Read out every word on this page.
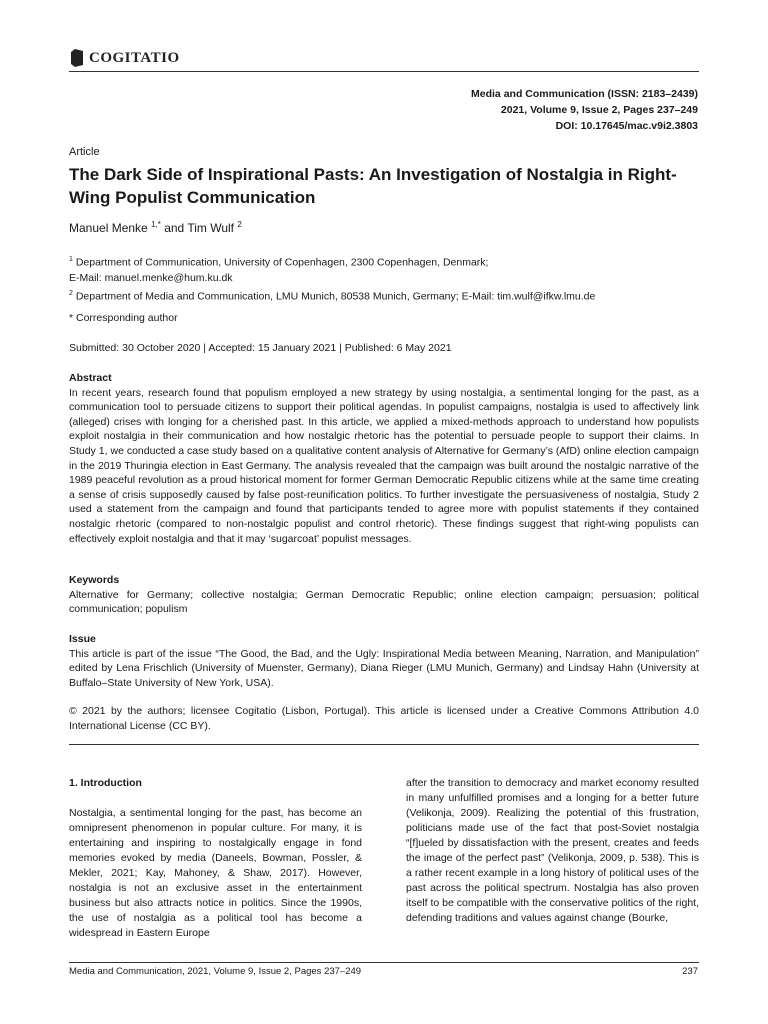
COGITATIO
Media and Communication (ISSN: 2183–2439)
2021, Volume 9, Issue 2, Pages 237–249
DOI: 10.17645/mac.v9i2.3803
Article
The Dark Side of Inspirational Pasts: An Investigation of Nostalgia in Right-Wing Populist Communication
Manuel Menke $^{1,*}$ and Tim Wulf $^2$
$^1$ Department of Communication, University of Copenhagen, 2300 Copenhagen, Denmark;
E-Mail: manuel.menke@hum.ku.dk
$^2$ Department of Media and Communication, LMU Munich, 80538 Munich, Germany; E-Mail: tim.wulf@ifkw.lmu.de
* Corresponding author
Submitted: 30 October 2020 | Accepted: 15 January 2021 | Published: 6 May 2021
Abstract
In recent years, research found that populism employed a new strategy by using nostalgia, a sentimental longing for the past, as a communication tool to persuade citizens to support their political agendas. In populist campaigns, nostalgia is used to affectively link (alleged) crises with longing for a cherished past. In this article, we applied a mixed-methods approach to understand how populists exploit nostalgia in their communication and how nostalgic rhetoric has the potential to persuade people to support their claims. In Study 1, we conducted a case study based on a qualitative content analysis of Alternative for Germany’s (AfD) online election campaign in the 2019 Thuringia election in East Germany. The analysis revealed that the campaign was built around the nostalgic narrative of the 1989 peaceful revolution as a proud historical moment for former German Democratic Republic citizens while at the same time creating a sense of crisis supposedly caused by false post-reunification politics. To further investigate the persuasiveness of nostalgia, Study 2 used a statement from the campaign and found that participants tended to agree more with populist statements if they contained nostalgic rhetoric (compared to non-nostalgic populist and control rhetoric). These findings suggest that right-wing populists can effectively exploit nostalgia and that it may ‘sugarcoat’ populist messages.
Keywords
Alternative for Germany; collective nostalgia; German Democratic Republic; online election campaign; persuasion; political communication; populism
Issue
This article is part of the issue “The Good, the Bad, and the Ugly: Inspirational Media between Meaning, Narration, and Manipulation” edited by Lena Frischlich (University of Muenster, Germany), Diana Rieger (LMU Munich, Germany) and Lindsay Hahn (University at Buffalo–State University of New York, USA).
© 2021 by the authors; licensee Cogitatio (Lisbon, Portugal). This article is licensed under a Creative Commons Attribution 4.0 International License (CC BY).
1. Introduction
Nostalgia, a sentimental longing for the past, has become an omnipresent phenomenon in popular culture. For many, it is entertaining and inspiring to nostalgically engage in fond memories evoked by media (Daneels, Bowman, Possler, & Mekler, 2021; Kay, Mahoney, & Shaw, 2017). However, nostalgia is not an exclusive asset in the entertainment business but also attracts notice in politics. Since the 1990s, the use of nostalgia as a political tool has become a widespread in Eastern Europe
after the transition to democracy and market economy resulted in many unfulfilled promises and a longing for a better future (Velikonja, 2009). Realizing the potential of this frustration, politicians made use of the fact that post-Soviet nostalgia “[f]ueled by dissatisfaction with the present, creates and feeds the image of the perfect past” (Velikonja, 2009, p. 538). This is a rather recent example in a long history of political uses of the past across the political spectrum. Nostalgia has also proven itself to be compatible with the conservative politics of the right, defending traditions and values against change (Bourke,
Media and Communication, 2021, Volume 9, Issue 2, Pages 237–249	237
